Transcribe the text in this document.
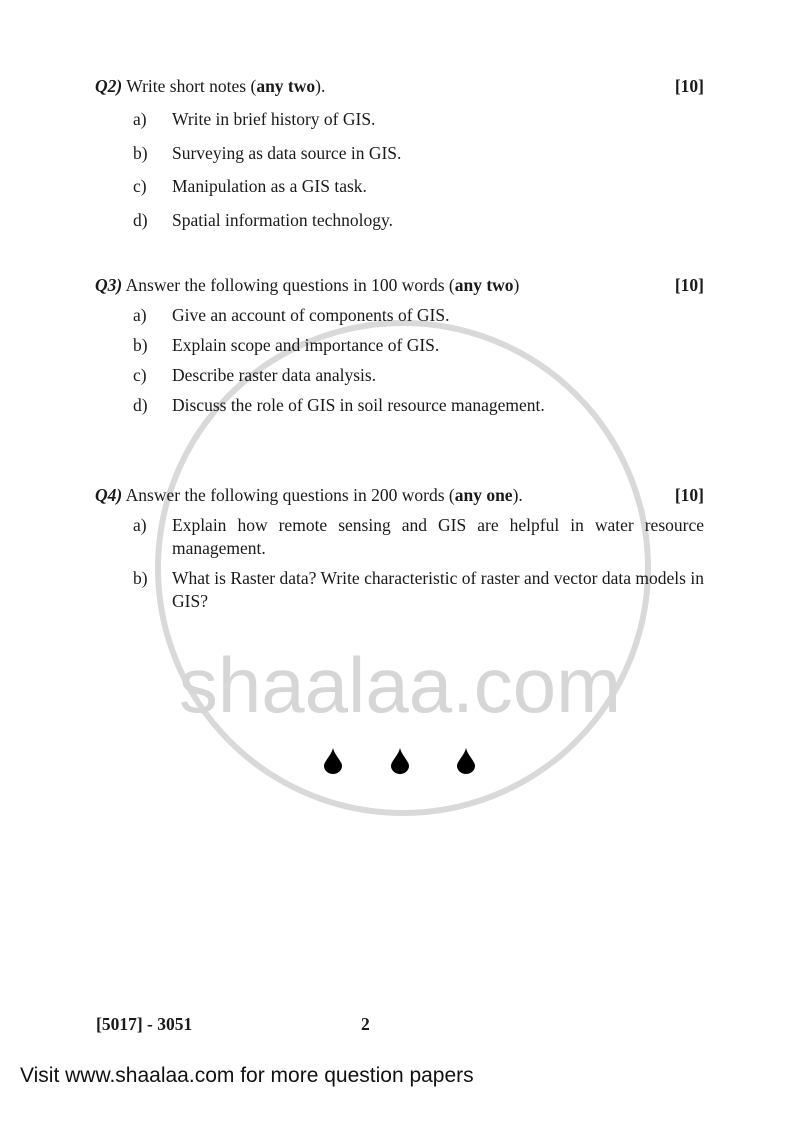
shaalaa.com
Q2) Write short notes (any two).	[10]
a) Write in brief history of GIS.
b) Surveying as data source in GIS.
c) Manipulation as a GIS task.
d) Spatial information technology.
Q3) Answer the following questions in 100 words (any two)	[10]
a) Give an account of components of GIS.
b) Explain scope and importance of GIS.
c) Describe raster data analysis.
d) Discuss the role of GIS in soil resource management.
Q4) Answer the following questions in 200 words (any one).	[10]
a) Explain how remote sensing and GIS are helpful in water resource management.
b) What is Raster data? Write characteristic of raster and vector data models in GIS?
[5017] - 3051	2
Visit www.shaalaa.com for more question papers
